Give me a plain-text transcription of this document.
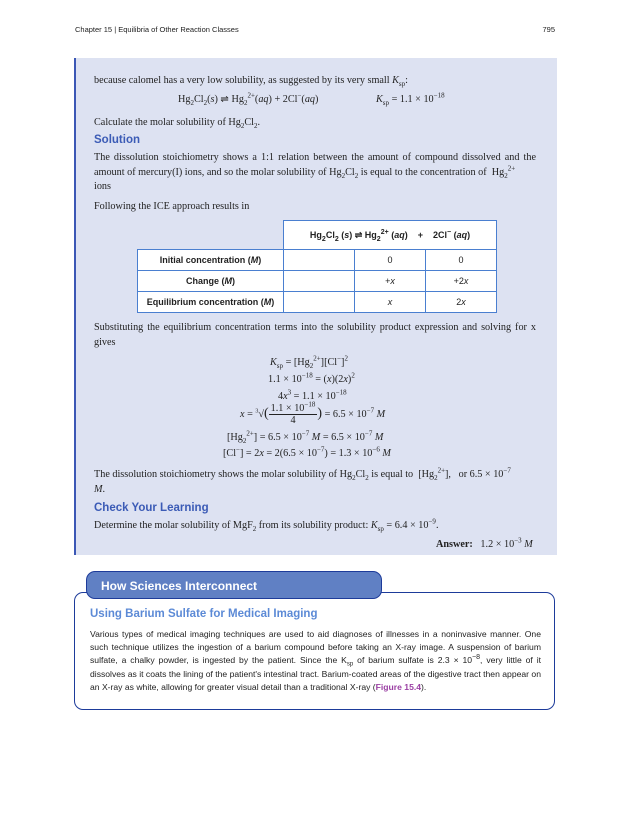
Chapter 15 | Equilibria of Other Reaction Classes	795
because calomel has a very low solubility, as suggested by its very small $K_{sp}$:
$Hg_2Cl_2(s)$ ⇌ $Hg_2^{2+}(aq) + 2Cl^-(aq)$	$K_{sp} = 1.1 \times 10^{-18}$
Calculate the molar solubility of $Hg_2Cl_2$.
Solution
The dissolution stoichiometry shows a 1:1 relation between the amount of compound dissolved and the amount of mercury(I) ions, and so the molar solubility of $Hg_2Cl_2$ is equal to the concentration of  $Hg_2^{2+}$
ions
Following the ICE approach results in
	$Hg_2Cl_2$ (s) ⇌ $Hg_2^{2+}$ (aq)    +    2Cl− (aq)		
Initial concentration (M)		0	0
Change (M)		+x	+2x
Equilibrium concentration (M)		x	2x
Substituting the equilibrium concentration terms into the solubility product expression and solving for x gives
$K_{sp} = [Hg_2^{2+}][Cl^-]^2$
$1.1 \times 10^{-18} = (x)(2x)^2$
$4x^3 = 1.1 \times 10^{-18}$
$x = ^3√( \frac{1.1 \times 10^{-18}}{4}$ ) = $6.5 \times 10^{-7}$ M
$[Hg_2^{2+}] = 6.5 \times 10^{-7}$ $M = 6.5 \times 10^{-7}$ M
$[Cl^-] = 2x = 2(6.5 \times 10^{-7}) = 1.3 \times 10^{-6}$ M
The dissolution stoichiometry shows the molar solubility of $Hg_2Cl_2$ is equal to  $[Hg_2^{2+}]$,   or $6.5 \times 10^{-7}$
M.
Check Your Learning
Determine the molar solubility of MgF$_2$ from its solubility product: $K_{sp} = 6.4 \times 10^{-9}$.
Answer:   $1.2 \times 10^{-3}$ M
How Sciences Interconnect
Using Barium Sulfate for Medical Imaging
Various types of medical imaging techniques are used to aid diagnoses of illnesses in a noninvasive manner. One such technique utilizes the ingestion of a barium compound before taking an X-ray image. A suspension of barium sulfate, a chalky powder, is ingested by the patient. Since the $K_{sp}$ of barium sulfate is $2.3 \times 10^{-8}$, very little of it dissolves as it coats the lining of the patient's intestinal tract. Barium-coated areas of the digestive tract then appear on an X-ray as white, allowing for greater visual detail than a traditional X-ray (Figure 15.4).
